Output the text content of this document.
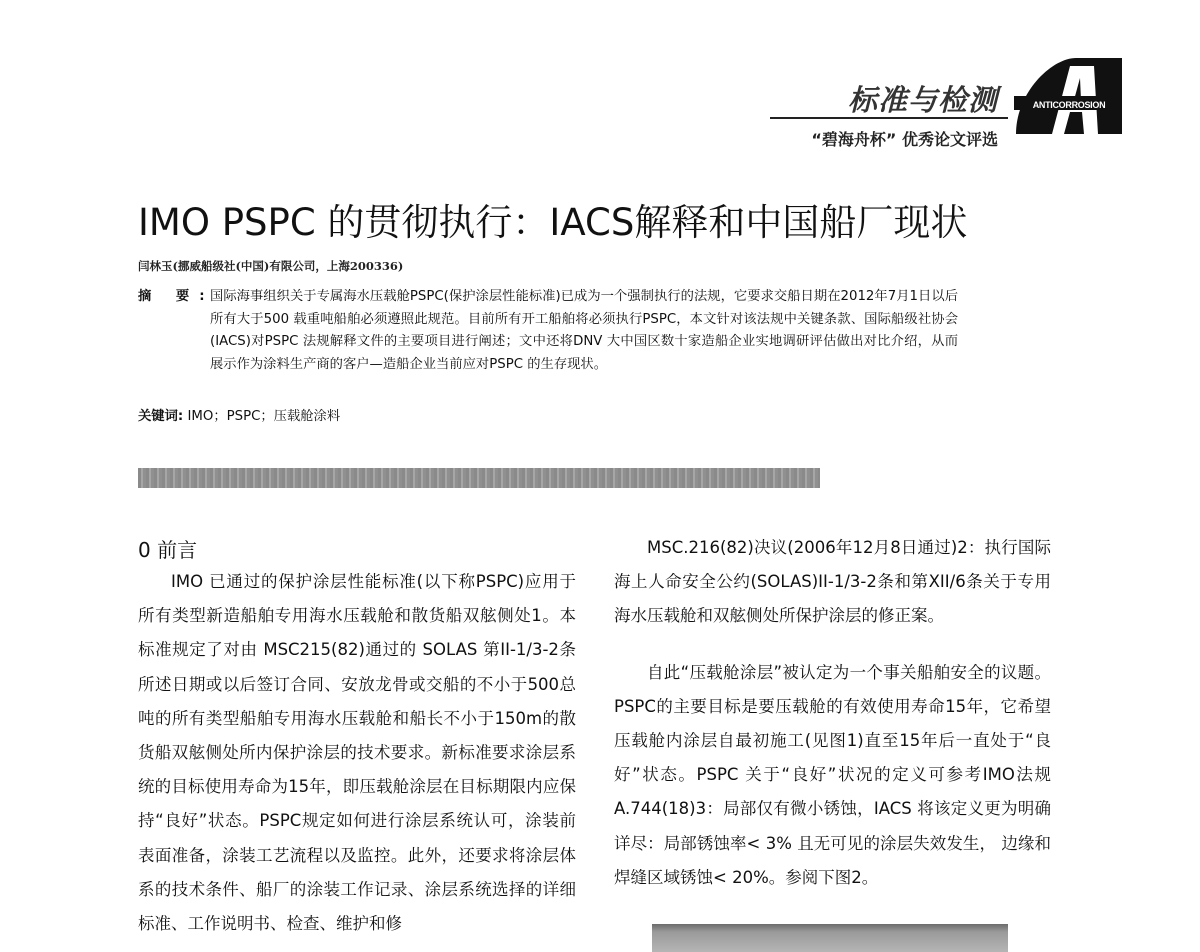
标准与检测
“碧海舟杯” 优秀论文评选
ANTICORROSION
IMO PSPC 的贯彻执行：IACS解释和中国船厂现状
闫林玉(挪威船级社(中国)有限公司，上海200336)
摘 要:
国际海事组织关于专属海水压载舱PSPC(保护涂层性能标准)已成为一个强制执行的法规，它要求交船日期在2012年7月1日以后所有大于500 载重吨船舶必须遵照此规范。目前所有开工船舶将必须执行PSPC，本文针对该法规中关键条款、国际船级社协会(IACS)对PSPC 法规解释文件的主要项目进行阐述；文中还将DNV 大中国区数十家造船企业实地调研评估做出对比介绍，从而展示作为涂料生产商的客户—造船企业当前应对PSPC 的生存现状。
关键词: IMO；PSPC；压载舱涂料
0 前言

IMO 已通过的保护涂层性能标准(以下称PSPC)应用于所有类型新造船舶专用海水压载舱和散货船双舷侧处1。本标准规定了对由 MSC215(82)通过的 SOLAS 第II-1/3-2条所述日期或以后签订合同、安放龙骨或交船的不小于500总吨的所有类型船舶专用海水压载舱和船长不小于150m的散货船双舷侧处所内保护涂层的技术要求。新标准要求涂层系统的目标使用寿命为15年，即压载舱涂层在目标期限内应保持“良好”状态。PSPC规定如何进行涂层系统认可，涂装前表面准备，涂装工艺流程以及监控。此外，还要求将涂层体系的技术条件、船厂的涂装工作记录、涂层系统选择的详细标准、工作说明书、检查、维护和修

MSC.216(82)决议(2006年12月8日通过)2：执行国际海上人命安全公约(SOLAS)II-1/3-2条和第XII/6条关于专用海水压载舱和双舷侧处所保护涂层的修正案。

自此“压载舱涂层”被认定为一个事关船舶安全的议题。PSPC的主要目标是要压载舱的有效使用寿命15年，它希望压载舱内涂层自最初施工(见图1)直至15年后一直处于“良好”状态。PSPC 关于“良好”状况的定义可参考IMO法规A.744(18)3：局部仅有微小锈蚀，IACS 将该定义更为明确详尽：局部锈蚀率< 3% 且无可见的涂层失效发生， 边缘和焊缝区域锈蚀< 20%。参阅下图2。
